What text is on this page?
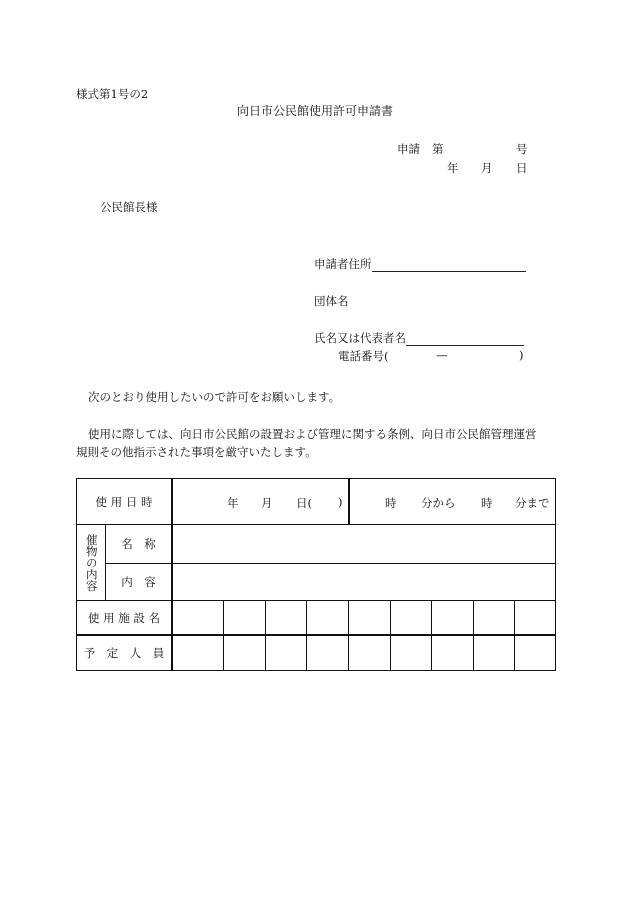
様式第1号の2
向日市公民館使用許可申請書
申請 第	号
年 月 日
公民館長様
申請者住所
団体名
氏名又は代表者名
電話番号(	—	)
次のとおり使用したいので許可をお願いします。
使用に際しては、向日市公民館の設置および管理に関する条例、向日市公民館管理運営
規則その他指示された事項を厳守いたします。
使 用 日 時	年 月 日( )	時 分から 時 分まで
催物の内容	名　称
内　容
使 用 施 設 名
予　定　人　員
